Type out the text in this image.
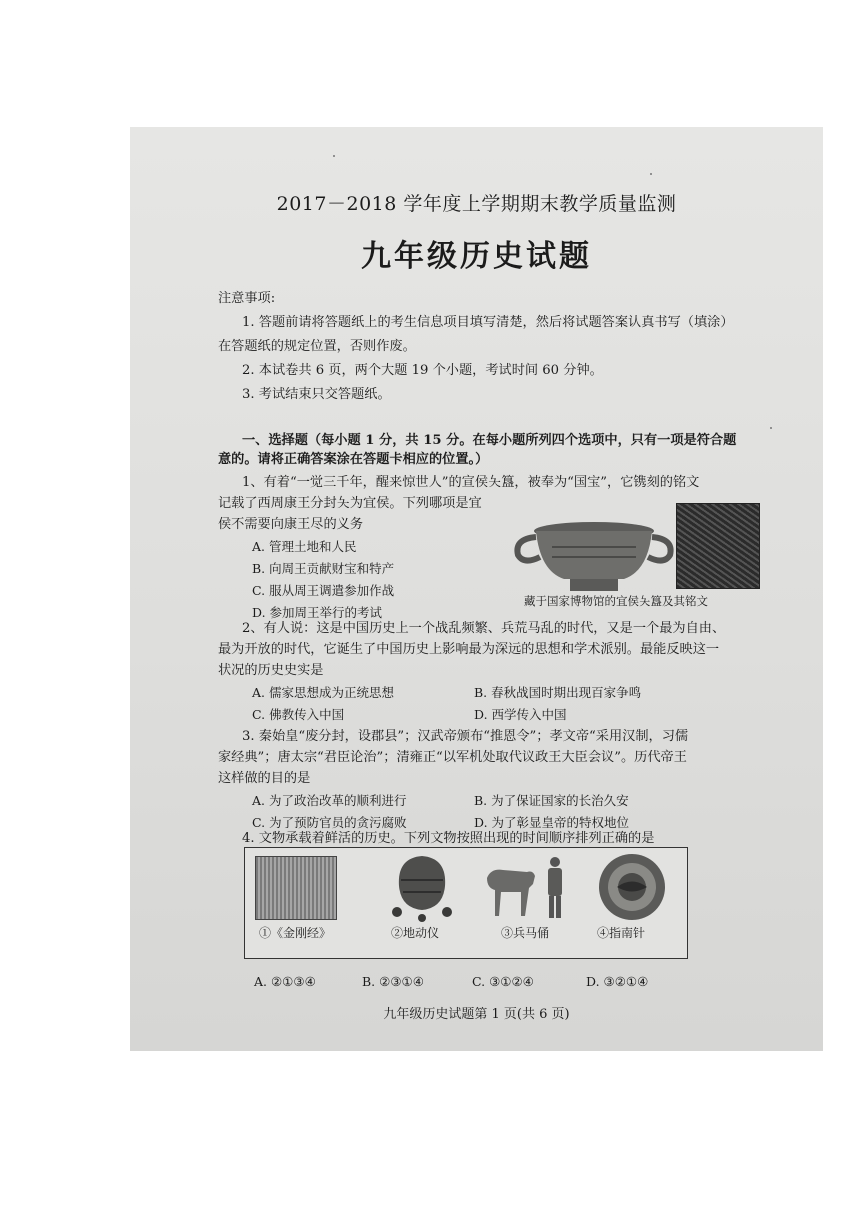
2017－2018 学年度上学期期末教学质量监测
九年级历史试题
注意事项:
1. 答题前请将答题纸上的考生信息项目填写清楚，然后将试题答案认真书写（填涂）
在答题纸的规定位置，否则作废。
2. 本试卷共 6 页，两个大题 19 个小题，考试时间 60 分钟。
3. 考试结束只交答题纸。
一、选择题（每小题 1 分，共 15 分。在每小题所列四个选项中，只有一项是符合题
意的。请将正确答案涂在答题卡相应的位置。）
1、有着“一觉三千年，醒来惊世人”的宣侯夨簋，被奉为“国宝”，它镌刻的铭文
记载了西周康王分封夨为宜侯。下列哪项是宜
侯不需要向康王尽的义务
A. 管理土地和人民
B. 向周王贡献财宝和特产
C. 服从周王调遣参加作战
D. 参加周王举行的考试
藏于国家博物馆的宜侯夨簋及其铭文
2、有人说：这是中国历史上一个战乱频繁、兵荒马乱的时代，又是一个最为自由、
最为开放的时代，它诞生了中国历史上影响最为深远的思想和学术派别。最能反映这一
状况的历史史实是
A. 儒家思想成为正统思想	B. 春秋战国时期出现百家争鸣
C. 佛教传入中国	D. 西学传入中国
3. 秦始皇“废分封，设郡县”；汉武帝颁布“推恩令”；孝文帝“采用汉制，习儒
家经典”；唐太宗“君臣论治”；清雍正“以军机处取代议政王大臣会议”。历代帝王
这样做的目的是
A. 为了政治改革的顺利进行	B. 为了保证国家的长治久安
C. 为了预防官员的贪污腐败	D. 为了彰显皇帝的特权地位
4. 文物承载着鲜活的历史。下列文物按照出现的时间顺序排列正确的是
①《金刚经》	②地动仪	③兵马俑	④指南针
A. ②①③④	B. ②③①④	C. ③①②④	D. ③②①④
九年级历史试题第 1 页(共 6 页)
